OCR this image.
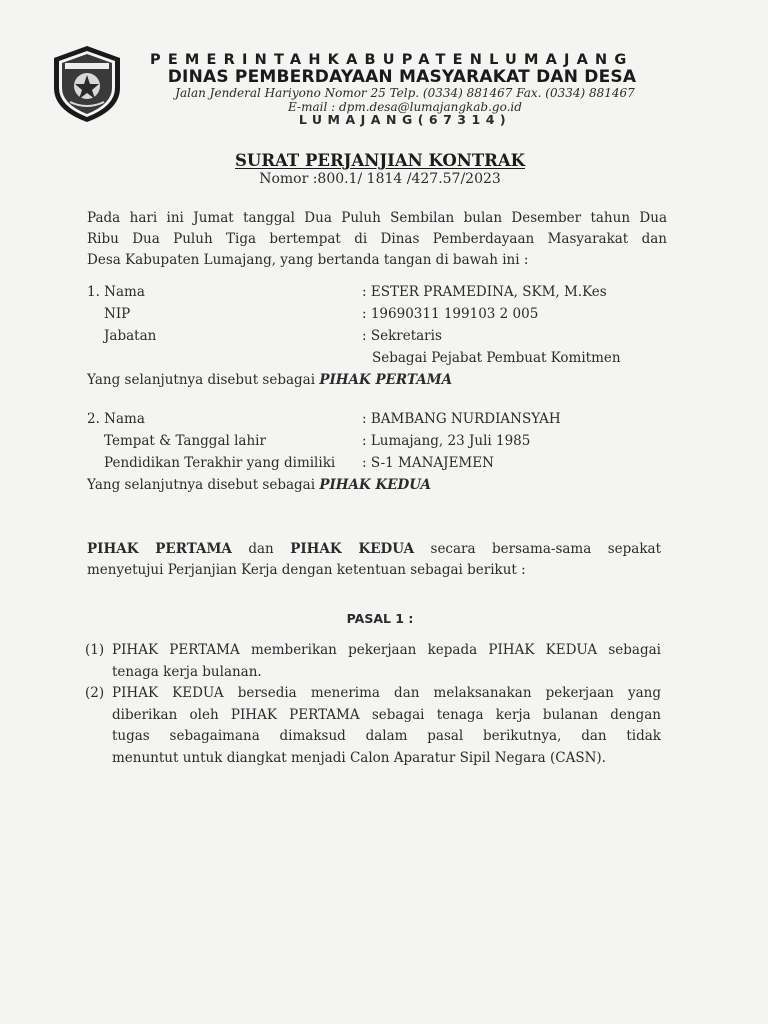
PEMERINTAHKABUPATENLUMAJANG
DINAS PEMBERDAYAAN MASYARAKAT DAN DESA
Jalan Jenderal Hariyono Nomor 25 Telp. (0334) 881467 Fax. (0334) 881467
E-mail : dpm.desa@lumajangkab.go.id
LUMAJANG(67314)
SURAT PERJANJIAN KONTRAK
Nomor :800.1/ 1814 /427.57/2023
Pada hari ini Jumat tanggal Dua Puluh Sembilan bulan Desember tahun Dua
Ribu Dua Puluh Tiga bertempat di Dinas Pemberdayaan Masyarakat dan
Desa Kabupaten Lumajang, yang bertanda tangan di bawah ini :
1. Nama	: ESTER PRAMEDINA, SKM, M.Kes
NIP	: 19690311 199103 2 005
Jabatan	: Sekretaris
Sebagai Pejabat Pembuat Komitmen
Yang selanjutnya disebut sebagai PIHAK PERTAMA
2. Nama	: BAMBANG NURDIANSYAH
Tempat & Tanggal lahir	: Lumajang, 23 Juli 1985
Pendidikan Terakhir yang dimiliki : S-1 MANAJEMEN
Yang selanjutnya disebut sebagai PIHAK KEDUA
PIHAK PERTAMA dan PIHAK KEDUA secara bersama-sama sepakat
menyetujui Perjanjian Kerja dengan ketentuan sebagai berikut :
PASAL 1 :
(1) PIHAK PERTAMA memberikan pekerjaan kepada PIHAK KEDUA sebagai
tenaga kerja bulanan.
(2) PIHAK KEDUA bersedia menerima dan melaksanakan pekerjaan yang
diberikan oleh PIHAK PERTAMA sebagai tenaga kerja bulanan dengan
tugas sebagaimana dimaksud dalam pasal berikutnya, dan tidak
menuntut untuk diangkat menjadi Calon Aparatur Sipil Negara (CASN).
